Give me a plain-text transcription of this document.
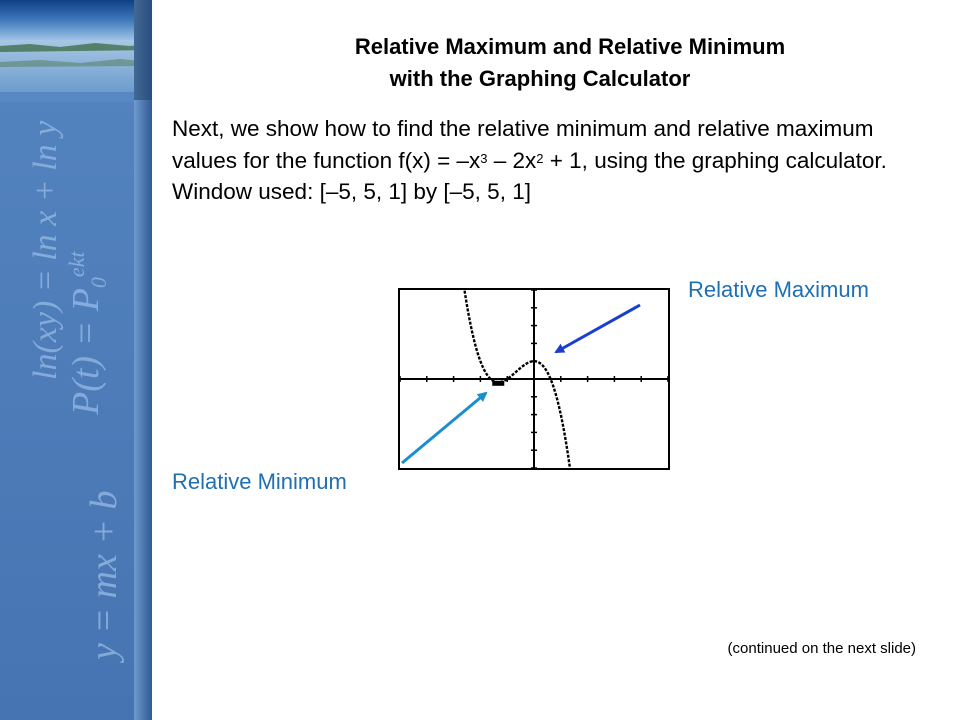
ln(xy) = ln x + ln y $P(t) = P_0^{ekt}$
y = mx + b
Relative Maximum and Relative Minimum
with the Graphing Calculator
Next, we show how to find the relative minimum and relative maximum values for the function $f(x) = -x^3 - 2x^2 + 1$, using the graphing calculator. Window used: [–5, 5, 1] by [–5, 5, 1]
Relative Maximum
Relative Minimum
(continued on the next slide)
